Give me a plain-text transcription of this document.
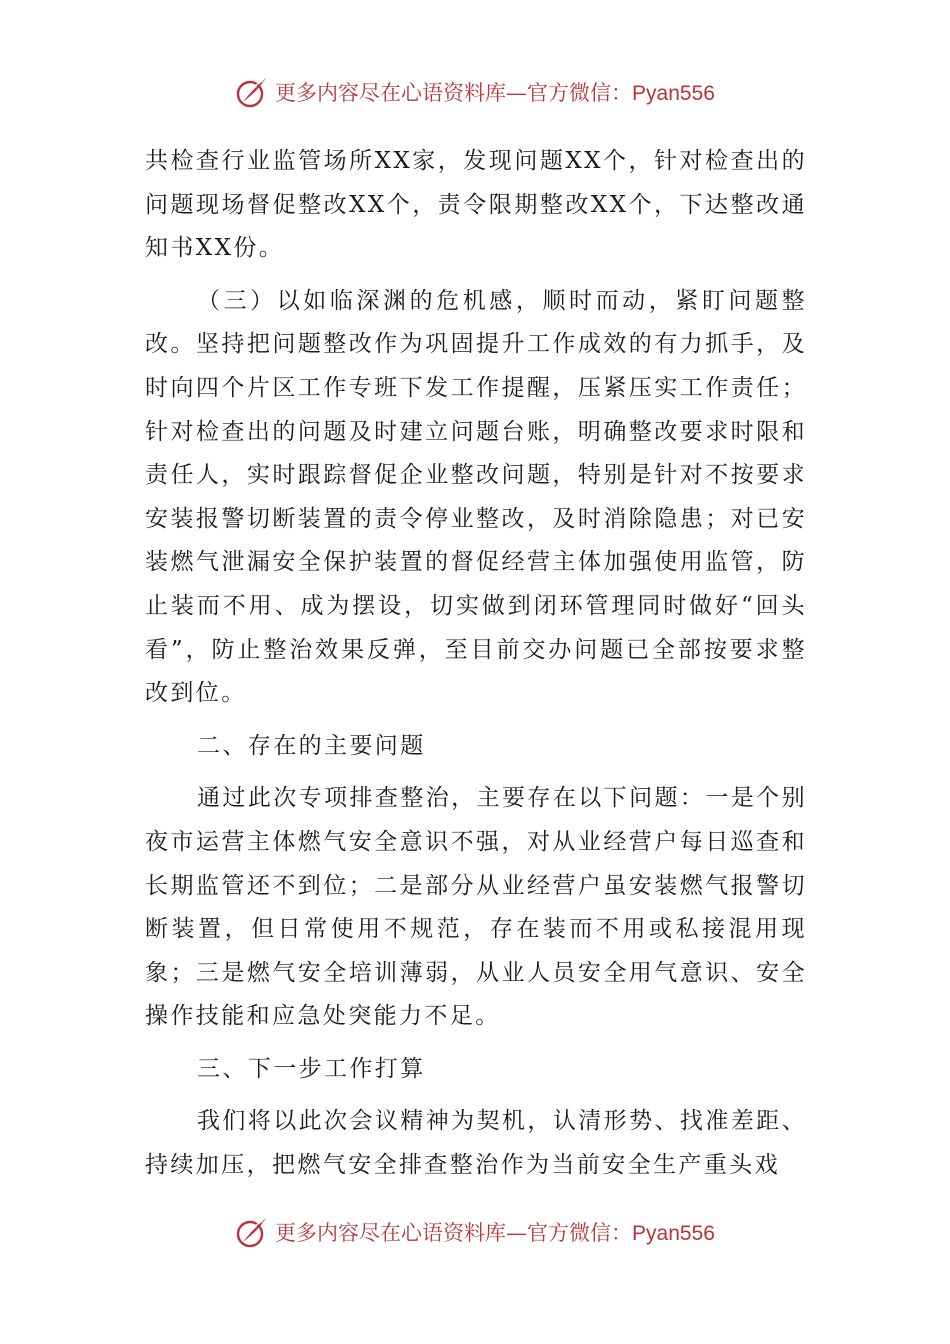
更多内容尽在心语资料库—官方微信：Pyan556

共检查行业监管场所XX家，发现问题XX个，针对检查出的问题现场督促整改XX个，责令限期整改XX个，下达整改通知书XX份。

（三）以如临深渊的危机感，顺时而动，紧盯问题整改。坚持把问题整改作为巩固提升工作成效的有力抓手，及时向四个片区工作专班下发工作提醒，压紧压实工作责任；针对检查出的问题及时建立问题台账，明确整改要求时限和责任人，实时跟踪督促企业整改问题，特别是针对不按要求安装报警切断装置的责令停业整改，及时消除隐患；对已安装燃气泄漏安全保护装置的督促经营主体加强使用监管，防止装而不用、成为摆设，切实做到闭环管理同时做好“回头看”，防止整治效果反弹，至目前交办问题已全部按要求整改到位。

二、存在的主要问题

通过此次专项排查整治，主要存在以下问题：一是个别夜市运营主体燃气安全意识不强，对从业经营户每日巡查和长期监管还不到位；二是部分从业经营户虽安装燃气报警切断装置，但日常使用不规范，存在装而不用或私接混用现象；三是燃气安全培训薄弱，从业人员安全用气意识、安全操作技能和应急处突能力不足。

三、下一步工作打算

我们将以此次会议精神为契机，认清形势、找准差距、持续加压，把燃气安全排查整治作为当前安全生产重头戏

更多内容尽在心语资料库—官方微信：Pyan556
